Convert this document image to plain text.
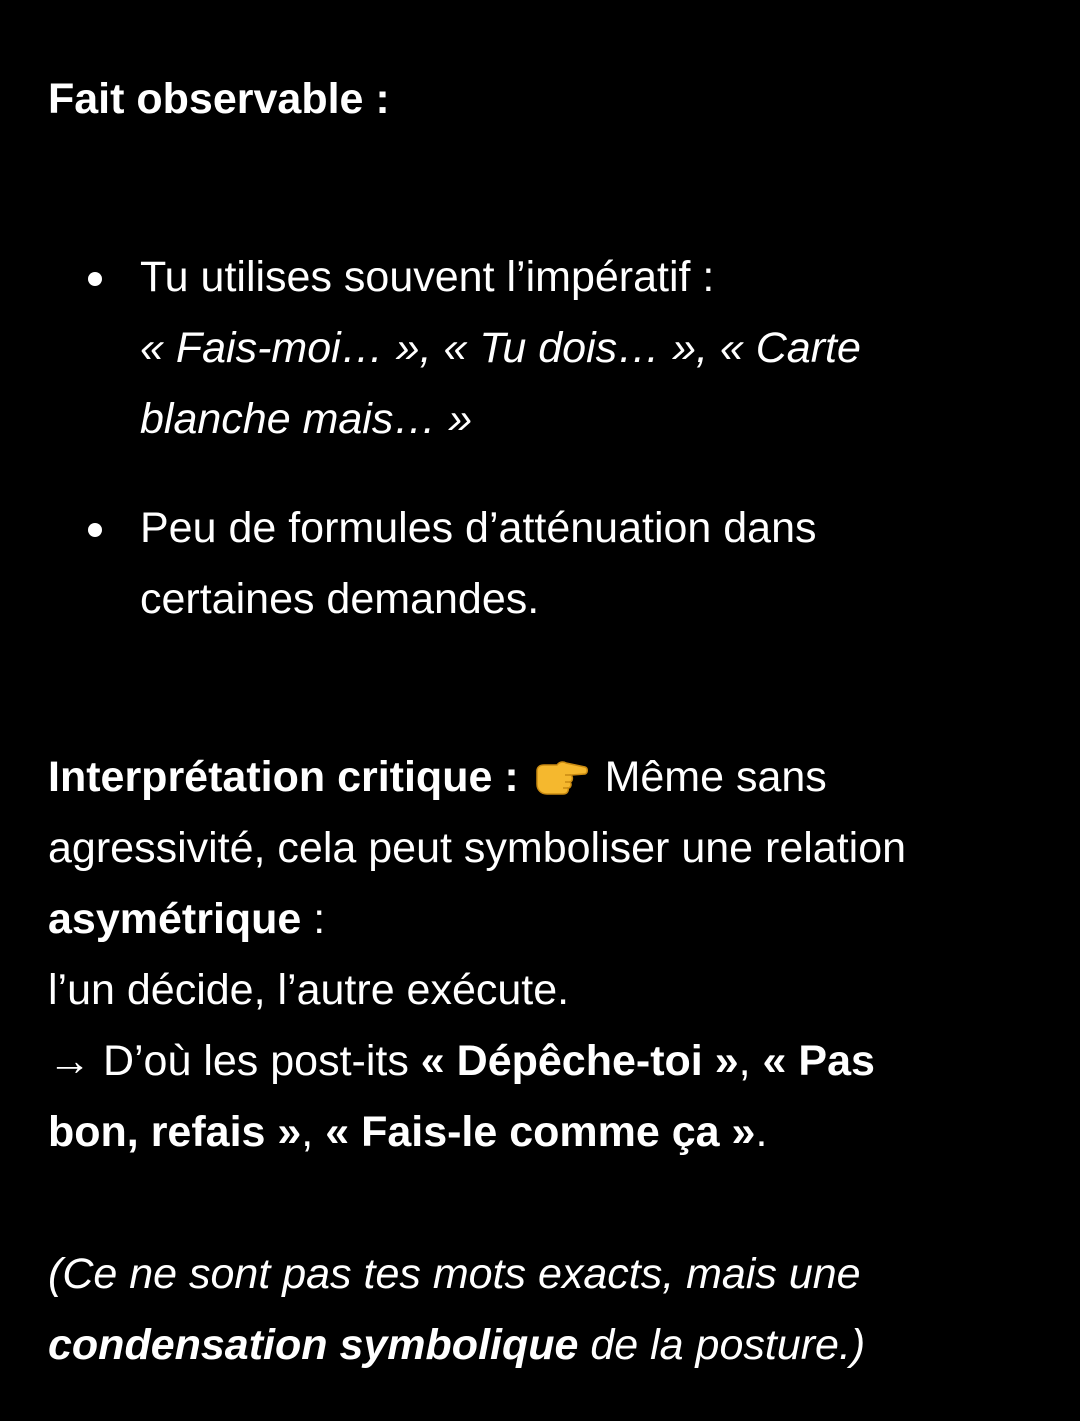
Fait observable :

Tu utilises souvent l’impératif :
« Fais-moi… », « Tu dois… », « Carte
blanche mais… »
Peu de formules d’atténuation dans
certaines demandes.
Interprétation critique : Même sans
agressivité, cela peut symboliser une relation
asymétrique :
l’un décide, l’autre exécute.
→ D’où les post-its « Dépêche-toi », « Pas
bon, refais », « Fais-le comme ça ».
(Ce ne sont pas tes mots exacts, mais une
condensation symbolique de la posture.)
